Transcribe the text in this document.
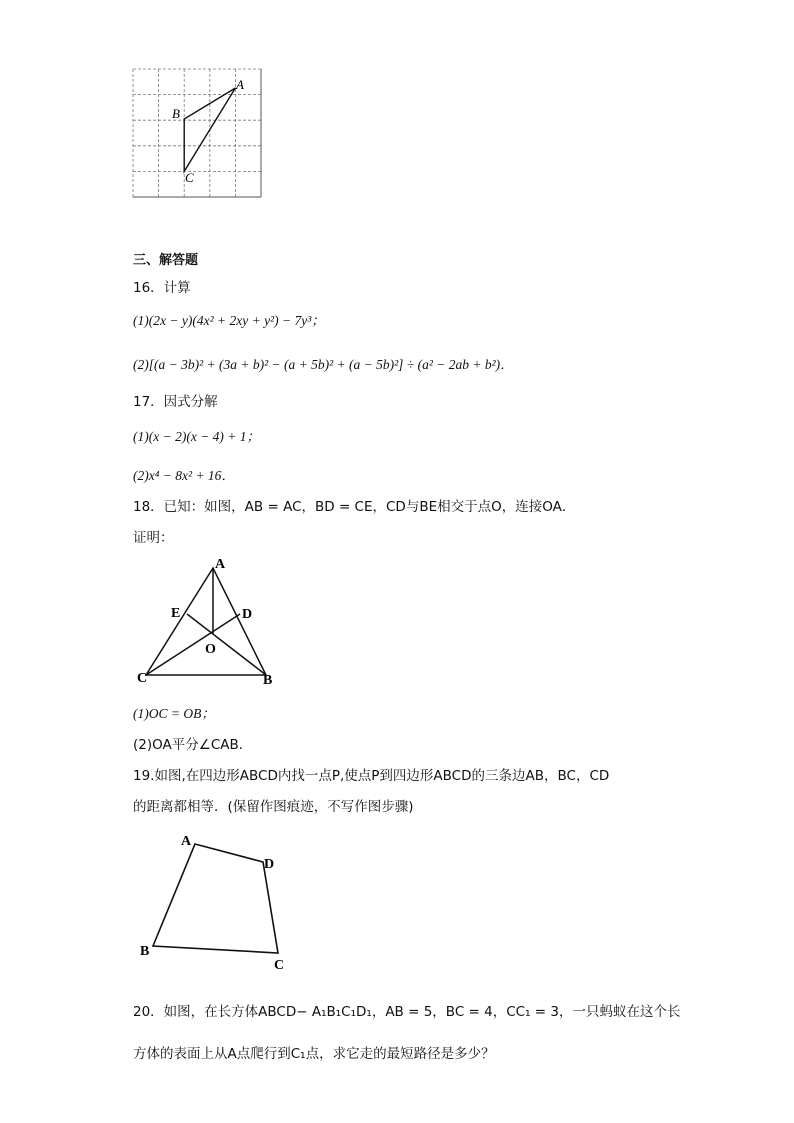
A
B
C
三、解答题
16．计算
(1)(2x − y)(4x² + 2xy + y²) − 7y³；
(2)[(a − 3b)² + (3a + b)² − (a + 5b)² + (a − 5b)²] ÷ (a² − 2ab + b²)．
17．因式分解
(1)(x − 2)(x − 4) + 1；
(2)x⁴ − 8x² + 16．
18．已知：如图，AB = AC，BD = CE，CD与BE相交于点O，连接OA．
证明：
A
E	D
O
C	B
(1)OC = OB；
(2)OA平分∠CAB．
19.如图,在四边形ABCD内找一点P,使点P到四边形ABCD的三条边AB，BC，CD
的距离都相等．(保留作图痕迹，不写作图步骤)
A
D
B
C
20．如图，在长方体ABCD− A₁B₁C₁D₁，AB = 5，BC = 4，CC₁ = 3，一只蚂蚁在这个长
方体的表面上从A点爬行到C₁点，求它走的最短路径是多少？
